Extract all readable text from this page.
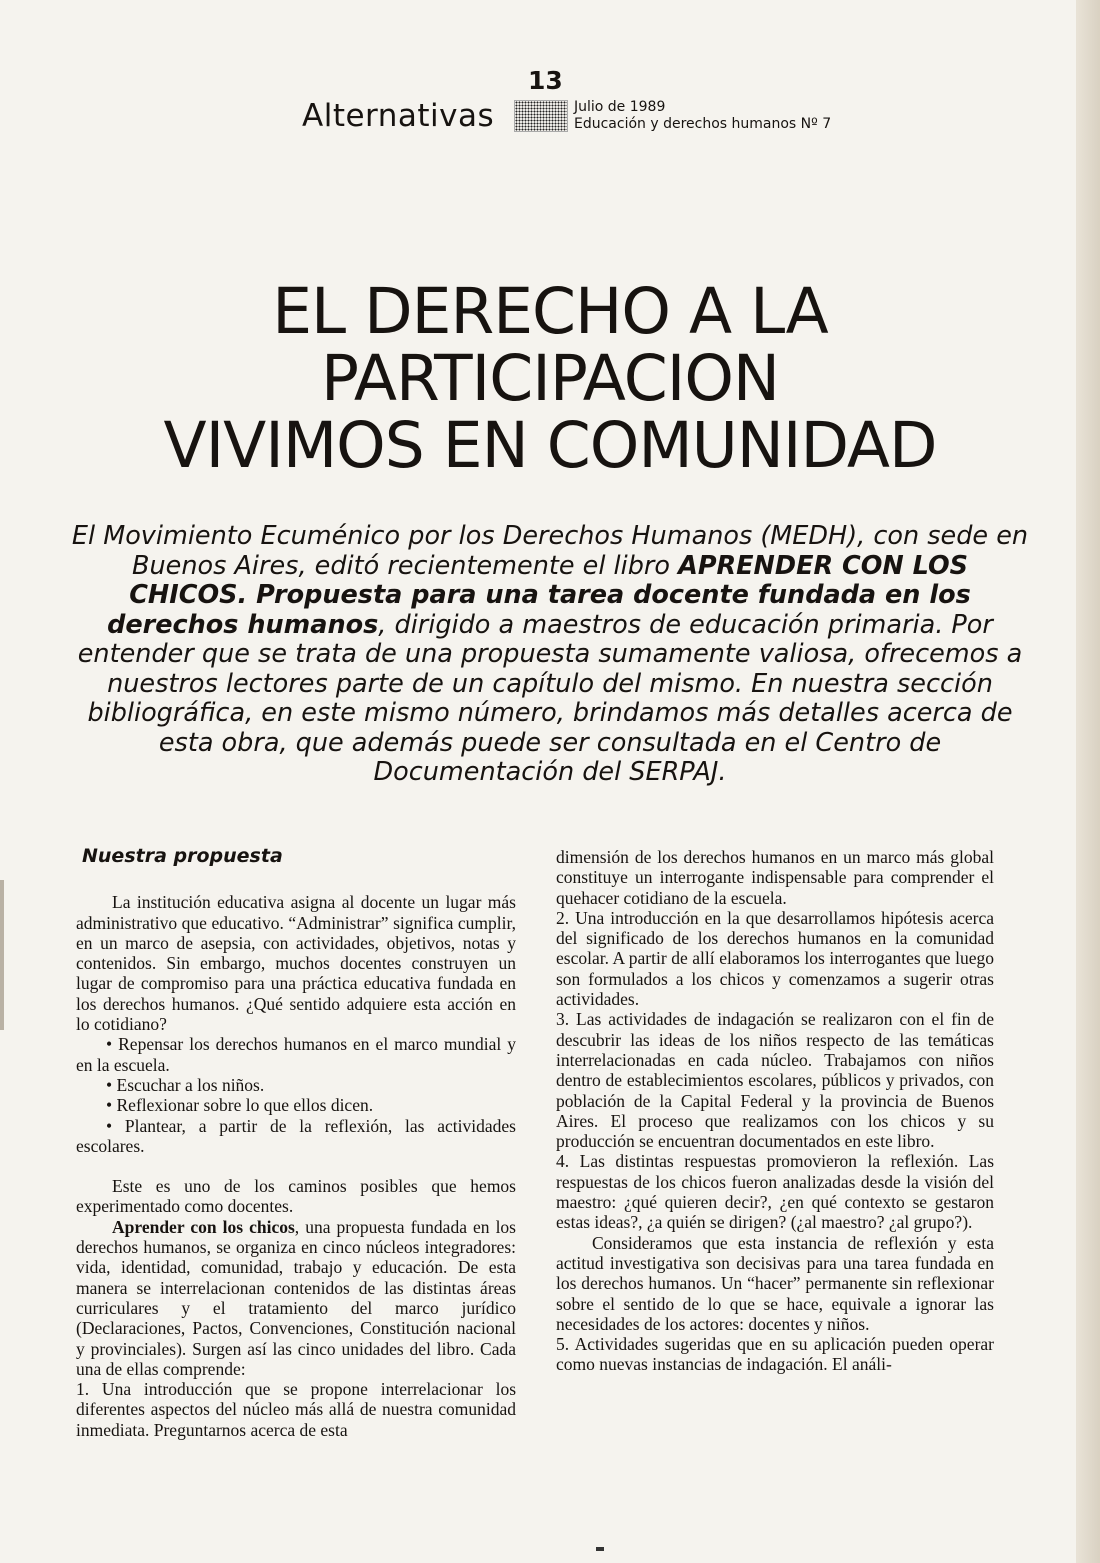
13
Alternativas	Julio de 1989
Educación y derechos humanos Nº 7
EL DERECHO A LA
PARTICIPACION
VIVIMOS EN COMUNIDAD
El Movimiento Ecuménico por los Derechos Humanos (MEDH), con sede en Buenos Aires, editó recientemente el libro APRENDER CON LOS CHICOS. Propuesta para una tarea docente fundada en los derechos humanos, dirigido a maestros de educación primaria. Por entender que se trata de una propuesta sumamente valiosa, ofrecemos a nuestros lectores parte de un capítulo del mismo. En nuestra sección bibliográfica, en este mismo número, brindamos más detalles acerca de esta obra, que además puede ser consultada en el Centro de Documentación del SERPAJ.
Nuestra propuesta

La institución educativa asigna al docente un lugar más administrativo que educativo. “Administrar” significa cumplir, en un marco de asepsia, con actividades, objetivos, notas y contenidos. Sin embargo, muchos docentes construyen un lugar de compromiso para una práctica educativa fundada en los derechos humanos. ¿Qué sentido adquiere esta acción en lo cotidiano?

• Repensar los derechos humanos en el marco mundial y en la escuela.

• Escuchar a los niños.

• Reflexionar sobre lo que ellos dicen.

• Plantear, a partir de la reflexión, las actividades escolares.

Este es uno de los caminos posibles que hemos experimentado como docentes.

Aprender con los chicos, una propuesta fundada en los derechos humanos, se organiza en cinco núcleos integradores: vida, identidad, comunidad, trabajo y educación. De esta manera se interrelacionan contenidos de las distintas áreas curriculares y el tratamiento del marco jurídico (Declaraciones, Pactos, Convenciones, Constitución nacional y provinciales). Surgen así las cinco unidades del libro. Cada una de ellas comprende:

1. Una introducción que se propone interrelacionar los diferentes aspectos del núcleo más allá de nuestra comunidad inmediata. Preguntarnos acerca de esta

dimensión de los derechos humanos en un marco más global constituye un interrogante indispensable para comprender el quehacer cotidiano de la escuela.

2. Una introducción en la que desarrollamos hipótesis acerca del significado de los derechos humanos en la comunidad escolar. A partir de allí elaboramos los interrogantes que luego son formulados a los chicos y comenzamos a sugerir otras actividades.

3. Las actividades de indagación se realizaron con el fin de descubrir las ideas de los niños respecto de las temáticas interrelacionadas en cada núcleo. Trabajamos con niños dentro de establecimientos escolares, públicos y privados, con población de la Capital Federal y la provincia de Buenos Aires. El proceso que realizamos con los chicos y su producción se encuentran documentados en este libro.

4. Las distintas respuestas promovieron la reflexión. Las respuestas de los chicos fueron analizadas desde la visión del maestro: ¿qué quieren decir?, ¿en qué contexto se gestaron estas ideas?, ¿a quién se dirigen? (¿al maestro? ¿al grupo?).

Consideramos que esta instancia de reflexión y esta actitud investigativa son decisivas para una tarea fundada en los derechos humanos. Un “hacer” permanente sin reflexionar sobre el sentido de lo que se hace, equivale a ignorar las necesidades de los actores: docentes y niños.

5. Actividades sugeridas que en su aplicación pueden operar como nuevas instancias de indagación. El análi-
